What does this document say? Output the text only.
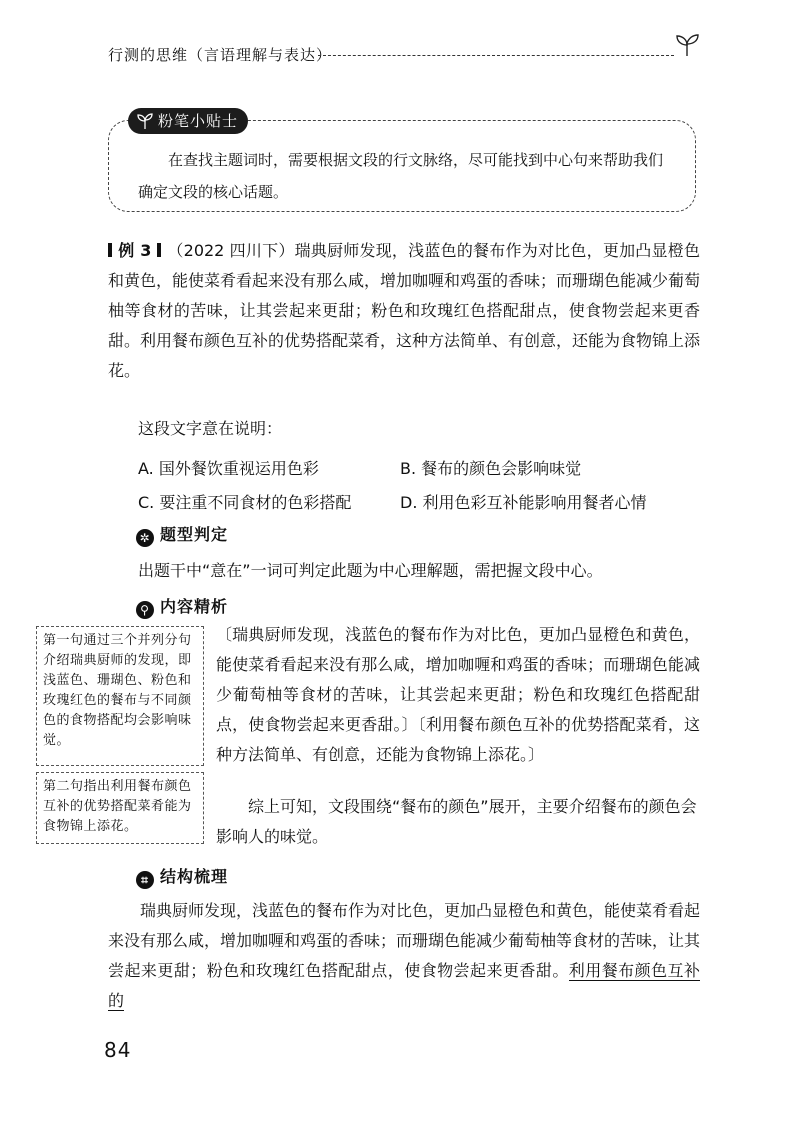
行测的思维（言语理解与表达）
粉笔小贴士
在查找主题词时，需要根据文段的行文脉络，尽可能找到中心句来帮助我们确定文段的核心话题。
例 3 （2022 四川下）瑞典厨师发现，浅蓝色的餐布作为对比色，更加凸显橙色和黄色，能使菜肴看起来没有那么咸，增加咖喱和鸡蛋的香味；而珊瑚色能减少葡萄柚等食材的苦味，让其尝起来更甜；粉色和玫瑰红色搭配甜点，使食物尝起来更香甜。利用餐布颜色互补的优势搭配菜肴，这种方法简单、有创意，还能为食物锦上添花。
这段文字意在说明：
A. 国外餐饮重视运用色彩	B. 餐布的颜色会影响味觉
C. 要注重不同食材的色彩搭配	D. 利用色彩互补能影响用餐者心情
✲ 题型判定
出题干中“意在”一词可判定此题为中心理解题，需把握文段中心。
⚲ 内容精析
第一句通过三个并列分句介绍瑞典厨师的发现，即浅蓝色、珊瑚色、粉色和玫瑰红色的餐布与不同颜色的食物搭配均会影响味觉。
第二句指出利用餐布颜色互补的优势搭配菜肴能为食物锦上添花。
〔瑞典厨师发现，浅蓝色的餐布作为对比色，更加凸显橙色和黄色，能使菜肴看起来没有那么咸，增加咖喱和鸡蛋的香味；而珊瑚色能减少葡萄柚等食材的苦味，让其尝起来更甜；粉色和玫瑰红色搭配甜点，使食物尝起来更香甜。〕〔利用餐布颜色互补的优势搭配菜肴，这种方法简单、有创意，还能为食物锦上添花。〕
综上可知，文段围绕“餐布的颜色”展开，主要介绍餐布的颜色会影响人的味觉。
⌗ 结构梳理
瑞典厨师发现，浅蓝色的餐布作为对比色，更加凸显橙色和黄色，能使菜肴看起来没有那么咸，增加咖喱和鸡蛋的香味；而珊瑚色能减少葡萄柚等食材的苦味，让其尝起来更甜；粉色和玫瑰红色搭配甜点，使食物尝起来更香甜。利用餐布颜色互补的
84
